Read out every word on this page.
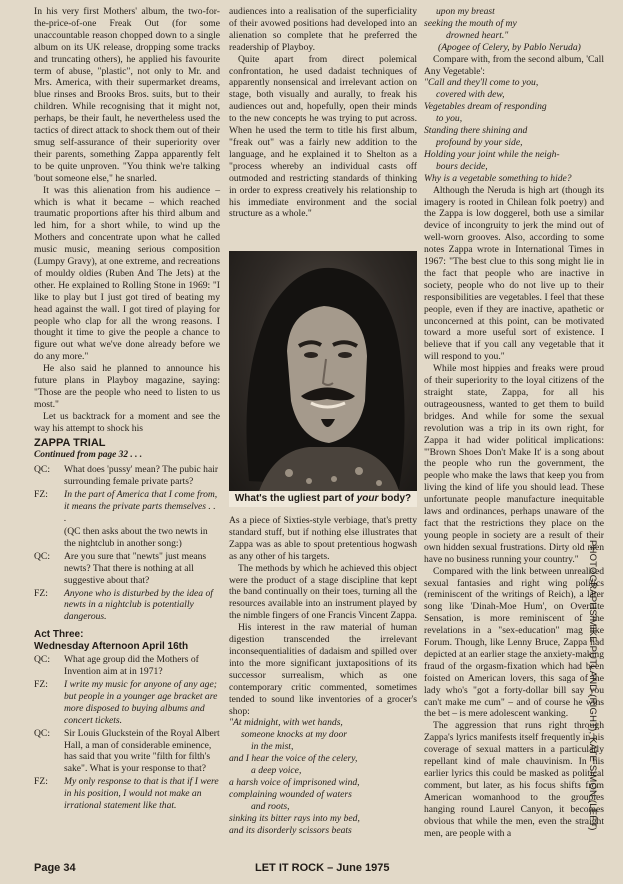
In his very first Mothers' album, the two-for-the-price-of-one Freak Out (for some unaccountable reason chopped down to a single album on its UK release, dropping some tracks and truncating others), he applied his favourite term of abuse, "plastic", not only to Mr. and Mrs. America, with their supermarket dreams, blue rinses and Brooks Bros. suits, but to their children. While recognising that it might not, perhaps, be their fault, he nevertheless used the tactics of direct attack to shock them out of their smug self-assurance of their superiority over their parents, something Zappa apparently felt to be quite unproven. "You think we're talking 'bout someone else," he snarled.

It was this alienation from his audience – which is what it became – which reached traumatic proportions after his third album and led him, for a short while, to wind up the Mothers and concentrate upon what he called music music, meaning serious composition (Lumpy Gravy), at one extreme, and recreations of mouldy oldies (Ruben And The Jets) at the other. He explained to Rolling Stone in 1969: "I like to play but I just got tired of beating my head against the wall. I got tired of playing for people who clap for all the wrong reasons. I thought it time to give the people a chance to figure out what we've done already before we do any more."

He also said he planned to announce his future plans in Playboy magazine, saying: "Those are the people who need to listen to us most."

Let us backtrack for a moment and see the way his attempt to shock his

ZAPPA TRIAL
Continued from page 32 . . .
QC:	What does 'pussy' mean? The pubic hair surrounding female private parts?
FZ:	In the part of America that I come from, it means the private parts themselves . . .
(QC then asks about the two newts in the nightclub in another song:)
QC:	Are you sure that "newts" just means newts? That there is nothing at all suggestive about that?
FZ:	Anyone who is disturbed by the idea of newts in a nightclub is potentially dangerous.
Act Three:
Wednesday Afternoon April 16th
QC:	What age group did the Mothers of Invention aim at in 1971?
FZ:	I write my music for anyone of any age; but people in a younger age bracket are more disposed to buying albums and concert tickets.
QC:	Sir Louis Gluckstein of the Royal Albert Hall, a man of considerable eminence, has said that you write "filth for filth's sake". What is your response to that?
FZ:	My only response to that is that if I were in his position, I would not make an irrational statement like that.

audiences into a realisation of the superficiality of their avowed positions had developed into an alienation so complete that he preferred the readership of Playboy.

Quite apart from direct polemical confrontation, he used dadaist techniques of apparently nonsensical and irrelevant action on stage, both visually and aurally, to freak his audiences out and, hopefully, open their minds to the new concepts he was trying to put across. When he used the term to title his first album, "freak out" was a fairly new addition to the language, and he explained it to Shelton as a "process whereby an individual casts off outmoded and restricting standards of thinking in order to express creatively his relationship to his immediate environment and the social structure as a whole."

What's the ugliest part of your body?

As a piece of Sixties-style verbiage, that's pretty standard stuff, but if nothing else illustrates that Zappa was as able to spout pretentious hogwash as any other of his targets.

The methods by which he achieved this object were the product of a stage discipline that kept the band continually on their toes, turning all the resources available into an instrument played by the nimble fingers of one Francis Vincent Zappa.

His interest in the raw material of human digestion transcended the irrelevant inconsequentialities of dadaism and spilled over into the more significant juxtapositions of its successor surrealism, which as one contemporary critic commented, sometimes tended to sound like inventories of a grocer's shop:

"At midnight, with wet hands,
someone knocks at my door
in the mist,
and I hear the voice of the celery,
a deep voice,
a harsh voice of imprisoned wind,
complaining wounded of waters
and roots,
sinking its bitter rays into my bed,
and its disorderly scissors beats
upon my breast
seeking the mouth of my
drowned heart."
(Apogee of Celery, by Pablo Neruda)

Compare with, from the second album, 'Call Any Vegetable':

"Call and they'll come to you,
covered with dew,
Vegetables dream of responding
to you,
Standing there shining and
profound by your side,
Holding your joint while the neigh-
bours decide,
Why is a vegetable something to hide?

Although the Neruda is high art (though its imagery is rooted in Chilean folk poetry) and the Zappa is low doggerel, both use a similar device of incongruity to jerk the mind out of well-worn grooves. Also, according to some notes Zappa wrote in International Times in 1967: "The best clue to this song might lie in the fact that people who are inactive in society, people who do not live up to their responsibilities are vegetables. I feel that these people, even if they are inactive, apathetic or unconcerned at this point, can be motivated toward a more useful sort of existence. I believe that if you call any vegetable that it will respond to you."

While most hippies and freaks were proud of their superiority to the loyal citizens of the straight state, Zappa, for all his outrageousness, wanted to get them to build bridges. And while for some the sexual revolution was a trip in its own right, for Zappa it had wider political implications: "'Brown Shoes Don't Make It' is a song about the people who run the government, the people who make the laws that keep you from living the kind of life you should lead. These unfortunate people manufacture inequitable laws and ordinances, perhaps unaware of the fact that the restrictions they place on the young people in society are a result of their own hidden sexual frustrations. Dirty old men have no business running your country."

Compared with the link between unrealised sexual fantasies and right wing politics (reminiscent of the writings of Reich), a later song like 'Dinah-Moe Hum', on Overnite Sensation, is more reminiscent of the revelations in a "sex-education" mag like Forum. Though, like Lenny Bruce, Zappa had depicted at an earlier stage the anxiety-making fraud of the orgasm-fixation which had been foisted on American lovers, this saga of the lady who's "got a forty-dollar bill say you can't make me cum" – and of course he wins the bet – is mere adolescent wanking.

The aggression that runs right through Zappa's lyrics manifests itself frequently in his coverage of sexual matters in a particularly repellant kind of male chauvinism. In his earlier lyrics this could be masked as political comment, but later, as his focus shifts from American womanhood to the groupies hanging round Laurel Canyon, it becomes obvious that while the men, even the straight men, are people with a

PHOTOGRAPHS/MIKE PUTLAND (RIGHT), KATE SIMON (LEFT)
Page 34	LET IT ROCK – June 1975
